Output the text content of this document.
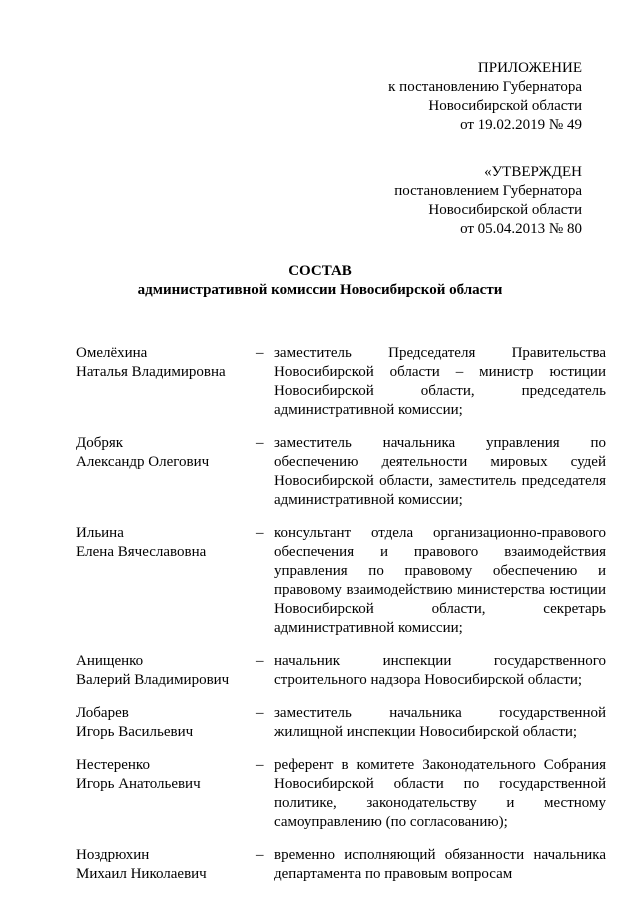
ПРИЛОЖЕНИЕ
к постановлению Губернатора
Новосибирской области
от 19.02.2019 № 49
«УТВЕРЖДЕН
постановлением Губернатора
Новосибирской области
от 05.04.2013 № 80
СОСТАВ
административной комиссии Новосибирской области
Омелёхина
Наталья Владимировна
– заместитель Председателя Правительства Новосибирской области – министр юстиции Новосибирской области, председатель административной комиссии;
Добряк
Александр Олегович
– заместитель начальника управления по обеспечению деятельности мировых судей Новосибирской области, заместитель председателя административной комиссии;
Ильина
Елена Вячеславовна
– консультант отдела организационно-правового обеспечения и правового взаимодействия управления по правовому обеспечению и правовому взаимодействию министерства юстиции Новосибирской области, секретарь административной комиссии;
Анищенко
Валерий Владимирович
– начальник инспекции государственного строительного надзора Новосибирской области;
Лобарев
Игорь Васильевич
– заместитель начальника государственной жилищной инспекции Новосибирской области;
Нестеренко
Игорь Анатольевич
– референт в комитете Законодательного Собрания Новосибирской области по государственной политике, законодательству и местному самоуправлению (по согласованию);
Ноздрюхин
Михаил Николаевич
– временно исполняющий обязанности начальника департамента по правовым вопросам
